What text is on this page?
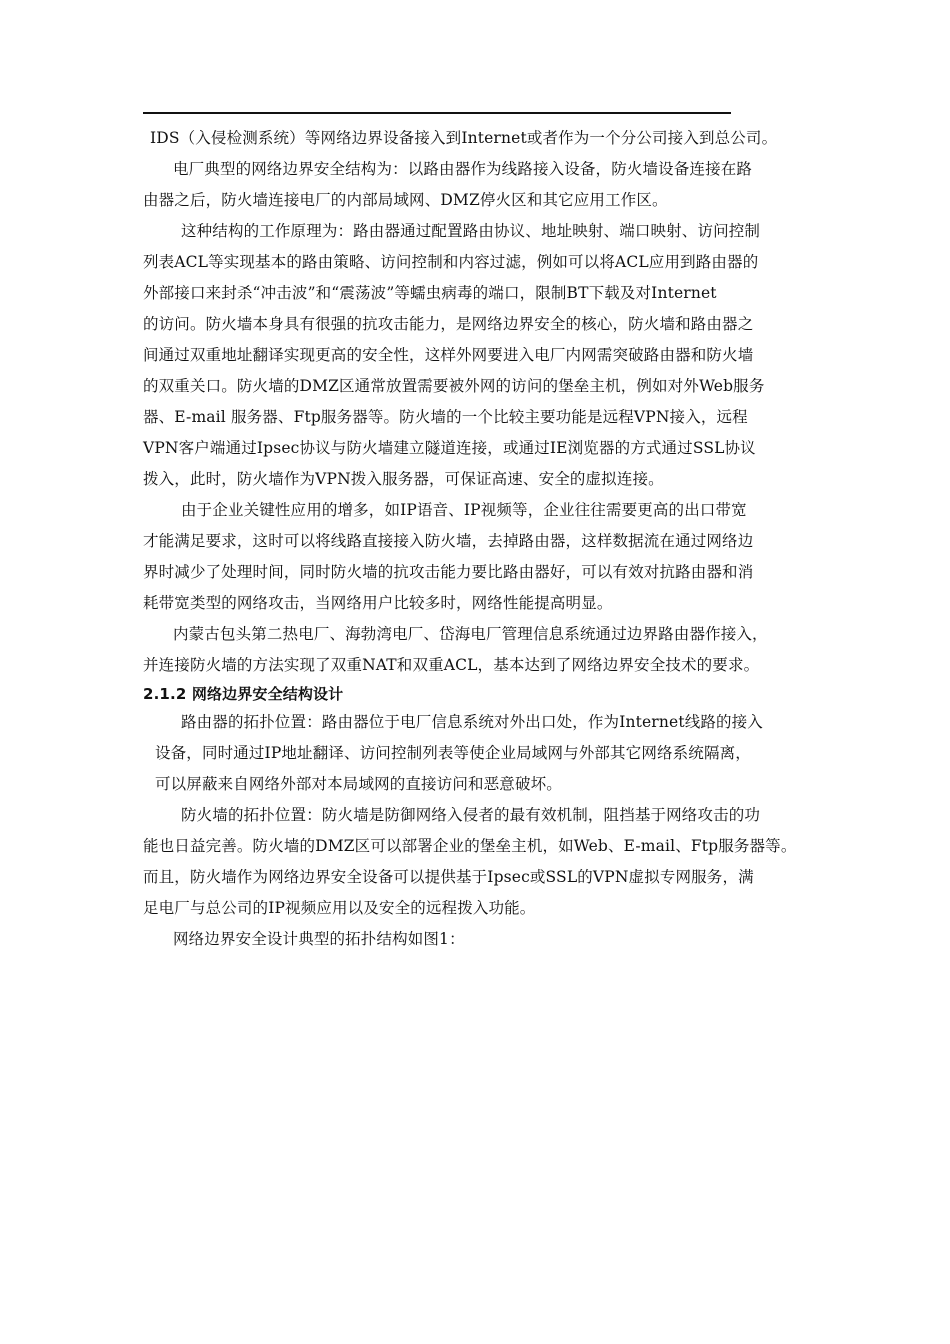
IDS（入侵检测系统）等网络边界设备接入到Internet或者作为一个分公司接入到总公司。
电厂典型的网络边界安全结构为：以路由器作为线路接入设备，防火墙设备连接在路
由器之后，防火墙连接电厂的内部局域网、DMZ停火区和其它应用工作区。
这种结构的工作原理为：路由器通过配置路由协议、地址映射、端口映射、访问控制
列表ACL等实现基本的路由策略、访问控制和内容过滤，例如可以将ACL应用到路由器的
外部接口来封杀“冲击波”和“震荡波”等蠕虫病毒的端口，限制BT下载及对Internet
的访问。防火墙本身具有很强的抗攻击能力，是网络边界安全的核心，防火墙和路由器之
间通过双重地址翻译实现更高的安全性，这样外网要进入电厂内网需突破路由器和防火墙
的双重关口。防火墙的DMZ区通常放置需要被外网的访问的堡垒主机，例如对外Web服务
器、E-mail 服务器、Ftp服务器等。防火墙的一个比较主要功能是远程VPN接入，远程
VPN客户端通过Ipsec协议与防火墙建立隧道连接，或通过IE浏览器的方式通过SSL协议
拨入，此时，防火墙作为VPN拨入服务器，可保证高速、安全的虚拟连接。
由于企业关键性应用的增多，如IP语音、IP视频等，企业往往需要更高的出口带宽
才能满足要求，这时可以将线路直接接入防火墙，去掉路由器，这样数据流在通过网络边
界时减少了处理时间，同时防火墙的抗攻击能力要比路由器好，可以有效对抗路由器和消
耗带宽类型的网络攻击，当网络用户比较多时，网络性能提高明显。
内蒙古包头第二热电厂、海勃湾电厂、岱海电厂管理信息系统通过边界路由器作接入，
并连接防火墙的方法实现了双重NAT和双重ACL，基本达到了网络边界安全技术的要求。
2.1.2 网络边界安全结构设计
路由器的拓扑位置：路由器位于电厂信息系统对外出口处，作为Internet线路的接入
设备，同时通过IP地址翻译、访问控制列表等使企业局域网与外部其它网络系统隔离，
可以屏蔽来自网络外部对本局域网的直接访问和恶意破坏。
防火墙的拓扑位置：防火墙是防御网络入侵者的最有效机制，阻挡基于网络攻击的功
能也日益完善。防火墙的DMZ区可以部署企业的堡垒主机，如Web、E-mail、Ftp服务器等。
而且，防火墙作为网络边界安全设备可以提供基于Ipsec或SSL的VPN虚拟专网服务，满
足电厂与总公司的IP视频应用以及安全的远程拨入功能。
网络边界安全设计典型的拓扑结构如图1：
